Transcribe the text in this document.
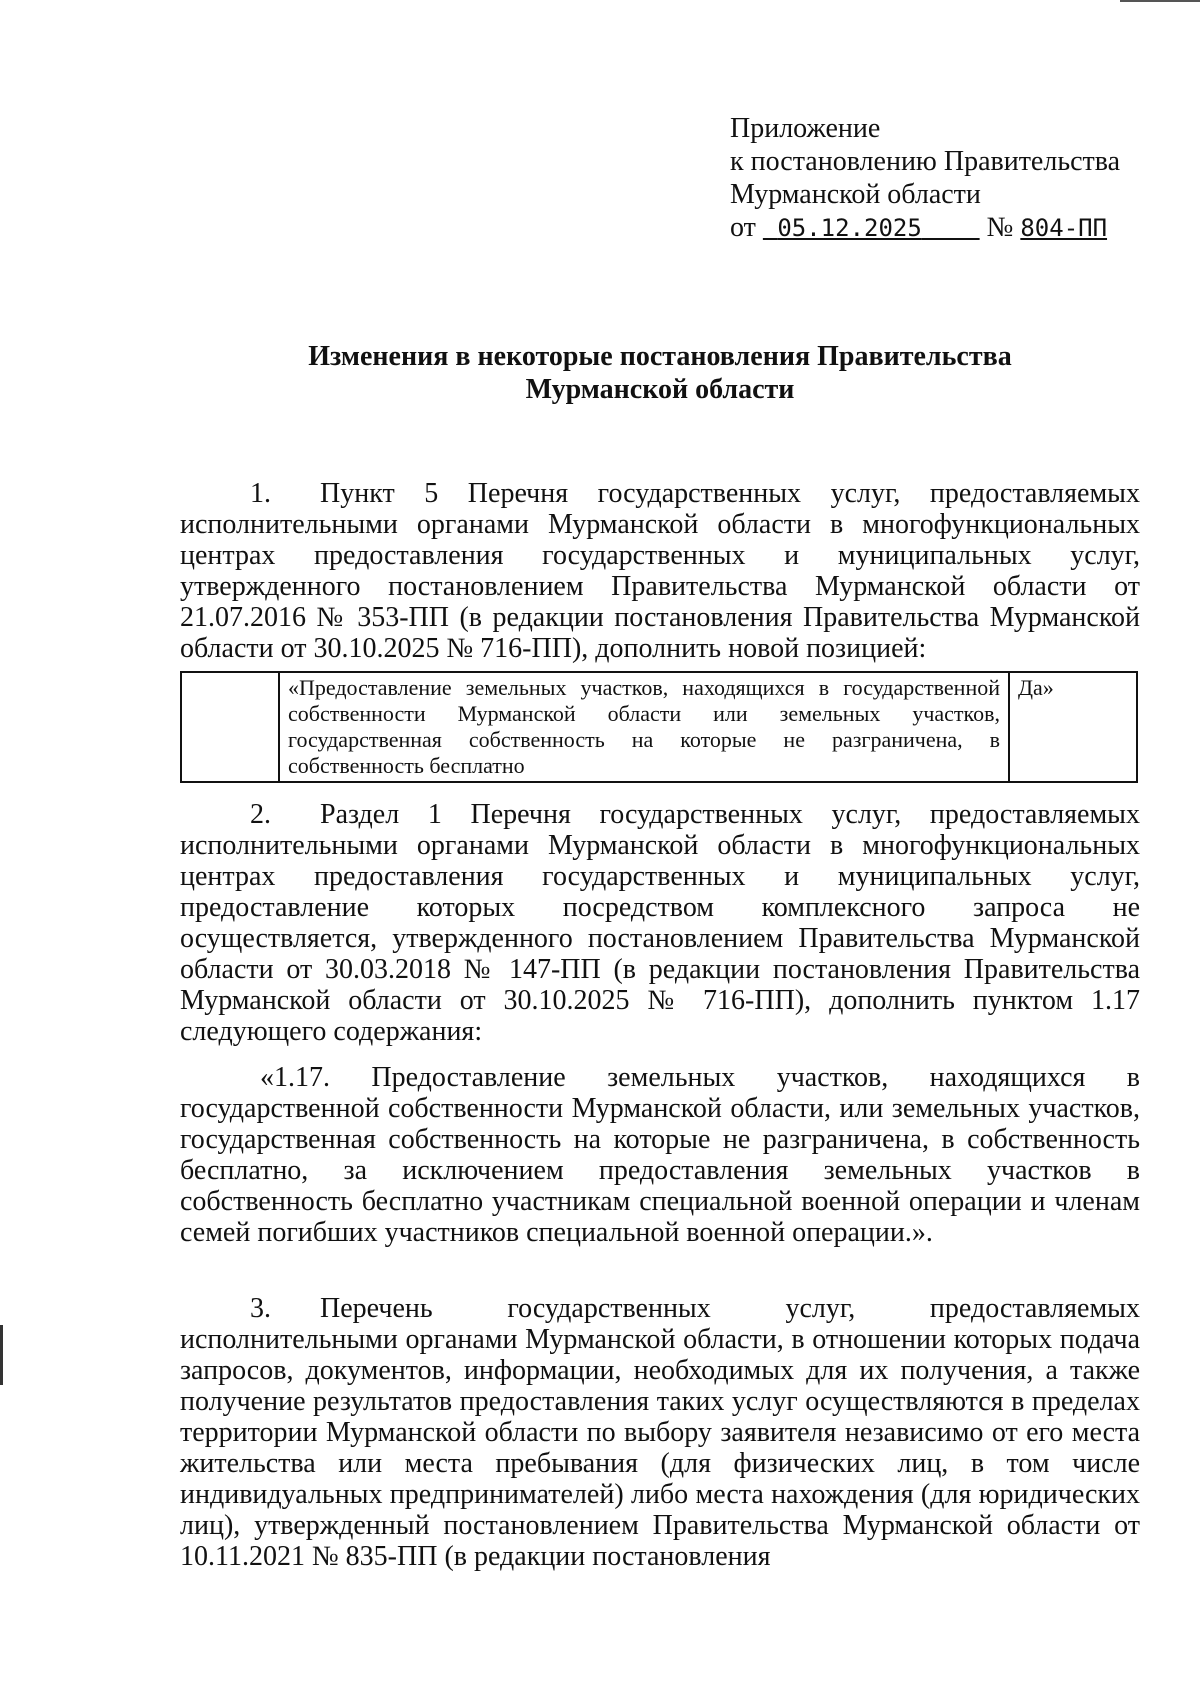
Приложение
к постановлению Правительства
Мурманской области
от 05.12.2025 № 804-ПП
Изменения в некоторые постановления Правительства
Мурманской области
1. Пункт 5 Перечня государственных услуг, предоставляемых исполнительными органами Мурманской области в многофункциональных центрах предоставления государственных и муниципальных услуг, утвержденного постановлением Правительства Мурманской области от 21.07.2016 № 353-ПП (в редакции постановления Правительства Мурманской области от 30.10.2025 № 716-ПП), дополнить новой позицией:
	«Предоставление земельных участков, находящихся в государственной собственности Мурманской области или земельных участков, государственная собственность на которые не разграничена, в собственность бесплатно	Да»
2. Раздел 1 Перечня государственных услуг, предоставляемых исполнительными органами Мурманской области в многофункциональных центрах предоставления государственных и муниципальных услуг, предоставление которых посредством комплексного запроса не осуществляется, утвержденного постановлением Правительства Мурманской области от 30.03.2018 № 147-ПП (в редакции постановления Правительства Мурманской области от 30.10.2025 № 716-ПП), дополнить пунктом 1.17 следующего содержания:
«1.17. Предоставление земельных участков, находящихся в государственной собственности Мурманской области, или земельных участков, государственная собственность на которые не разграничена, в собственность бесплатно, за исключением предоставления земельных участков в собственность бесплатно участникам специальной военной операции и членам семей погибших участников специальной военной операции.».
3. Перечень государственных услуг, предоставляемых исполнительными органами Мурманской области, в отношении которых подача запросов, документов, информации, необходимых для их получения, а также получение результатов предоставления таких услуг осуществляются в пределах территории Мурманской области по выбору заявителя независимо от его места жительства или места пребывания (для физических лиц, в том числе индивидуальных предпринимателей) либо места нахождения (для юридических лиц), утвержденный постановлением Правительства Мурманской области от 10.11.2021 № 835-ПП (в редакции постановления
